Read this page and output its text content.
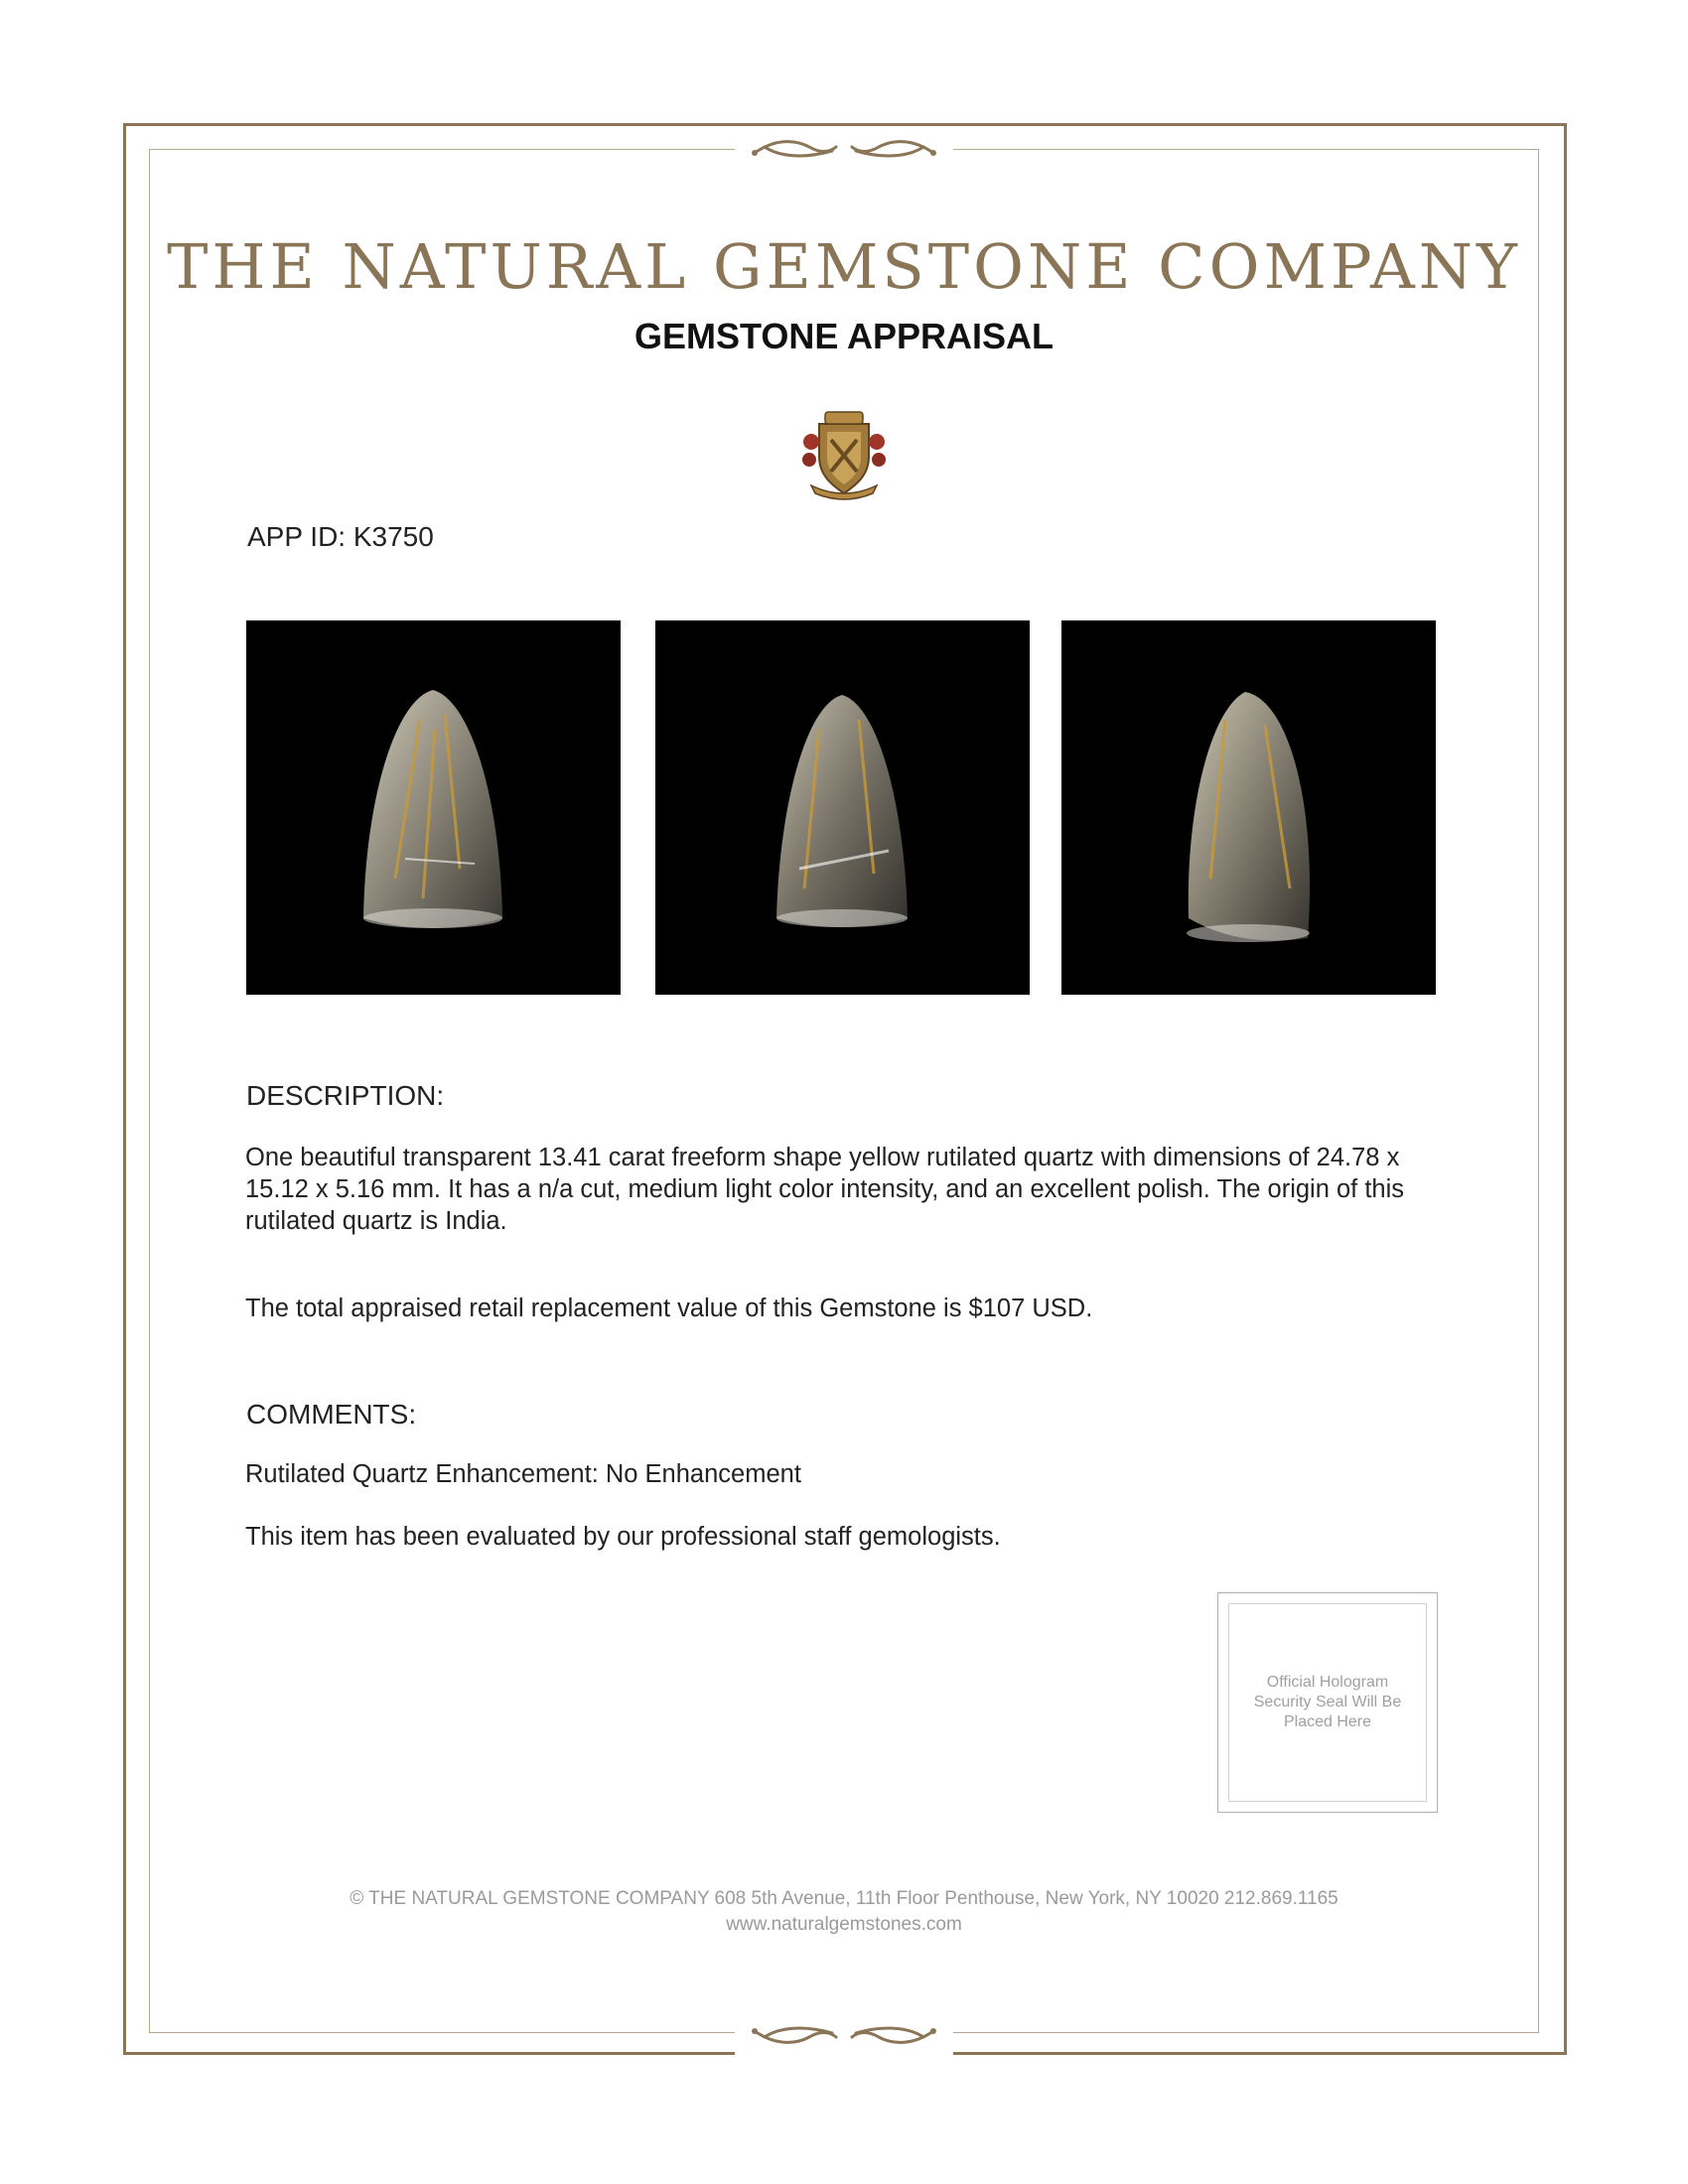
THE NATURAL GEMSTONE COMPANY
GEMSTONE APPRAISAL
APP ID: K3750
DESCRIPTION:

One beautiful transparent 13.41 carat freeform shape yellow rutilated quartz with dimensions of 24.78 x 15.12 x 5.16 mm. It has a n/a cut, medium light color intensity, and an excellent polish. The origin of this rutilated quartz is India.

The total appraised retail replacement value of this Gemstone is $107 USD.

COMMENTS:

Rutilated Quartz Enhancement: No Enhancement

This item has been evaluated by our professional staff gemologists.

Official Hologram Security Seal Will Be Placed Here
© THE NATURAL GEMSTONE COMPANY 608 5th Avenue, 11th Floor Penthouse, New York, NY 10020 212.869.1165
www.naturalgemstones.com
